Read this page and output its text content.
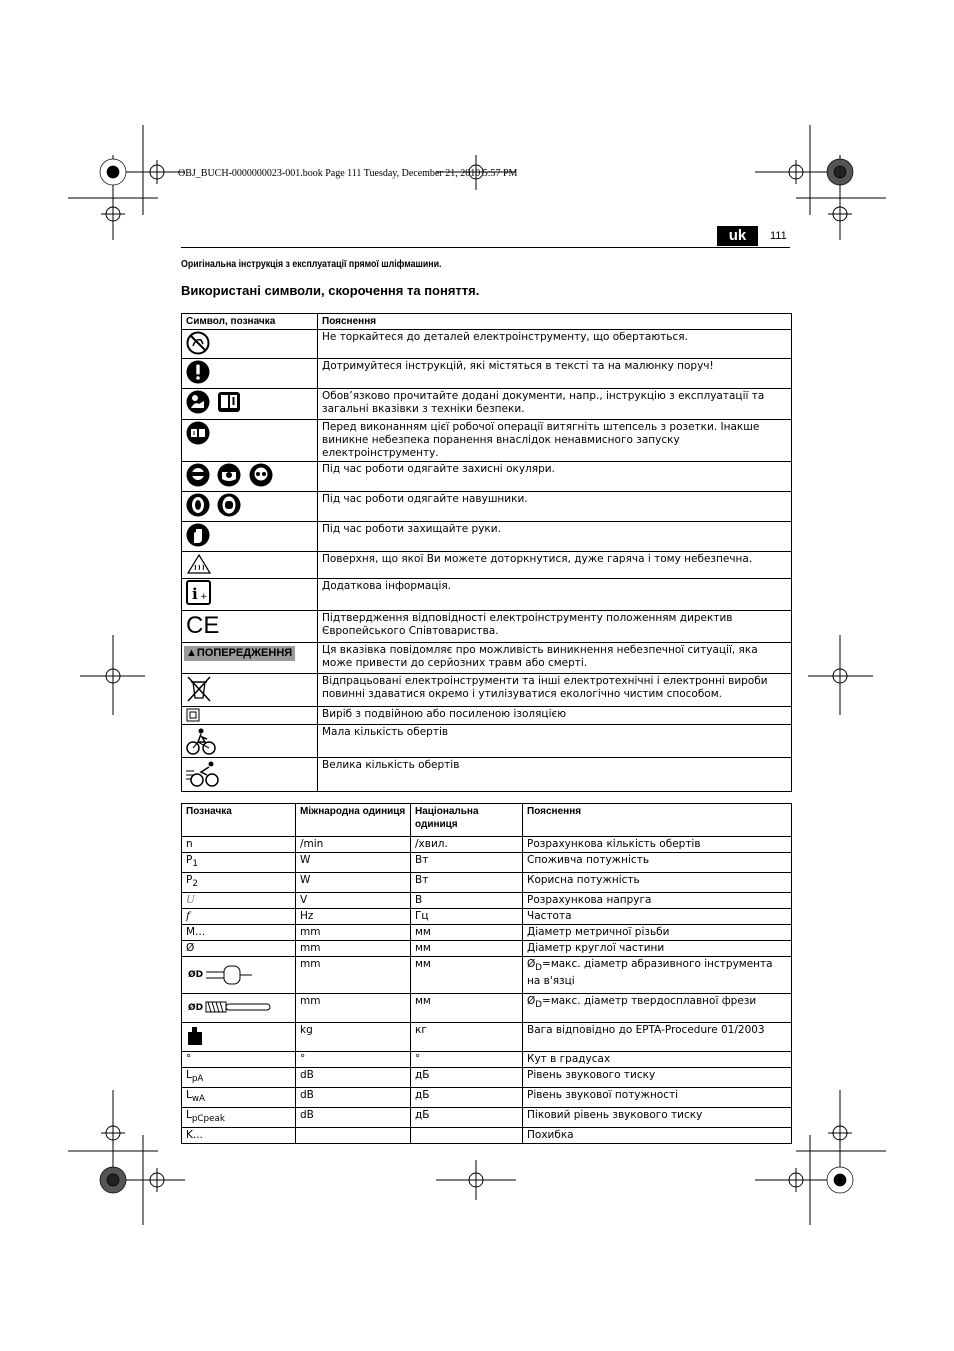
OBJ_BUCH-0000000023-001.book Page 111 Tuesday, December 21, 2010 5:57 PM
uk	111
Оригінальна інструкція з експлуатації прямої шліфмашини.
Використані символи, скорочення та поняття.
Символ, позначка	Пояснення
	Не торкайтеся до деталей електроінструменту, що обертаються.
	Дотримуйтеся інструкцій, які містяться в тексті та на малюнку поруч!
	Обов’язково прочитайте додані документи, напр., інструкцію з експлуатації та загальні вказівки з техніки безпеки.
	Перед виконанням цієї робочої операції витягніть штепсель з розетки. Інакше виникне небезпека поранення внаслідок ненавмисного запуску електроінструменту.
	Під час роботи одягайте захисні окуляри.
	Під час роботи одягайте навушники.
	Під час роботи захищайте руки.
	Поверхня, що якої Ви можете доторкнутися, дуже гаряча і тому небезпечна.

i +	Додаткова інформація.

CE	Підтвердження відповідності електроінструменту положенням директив Європейського Співтовариства.
▲ПОПЕРЕДЖЕННЯ	Ця вказівка повідомляє про можливість виникнення небезпечної ситуації, яка може привести до серйозних травм або смерті.
	Відпрацьовані електроінструменти та інші електротехнічні і електронні вироби повинні здаватися окремо і утилізуватися екологічно чистим способом.
	Виріб з подвійною або посиленою ізоляцією
	Мала кількість обертів
	Велика кількість обертів
Позначка	Міжнародна одиниця	Національна одиниця	Пояснення
n	/min	/хвил.	Розрахункова кількість обертів
$P_1$	W	Вт	Споживча потужність
$P_2$	W	Вт	Корисна потужність
U	V	В	Розрахункова напруга
f	Hz	Гц	Частота
M...	mm	мм	Діаметр метричної різьби
Ø	mm	мм	Діаметр круглої частини

ØD	mm	мм	$Ø_D=макс$. діаметр абразивного інструмента на в'язці

ØD	mm	мм	$Ø_D=макс$. діаметр твердосплавної фрези
	kg	кг	Вага відповідно до EPTA-Procedure 01/2003
°	°	°	Кут в градусах
$L_{pA}$	dB	дБ	Рівень звукового тиску
$L_{wA}$	dB	дБ	Рівень звукової потужності
$L_{pCpeak}$	dB	дБ	Піковий рівень звукового тиску
K...			Похибка
